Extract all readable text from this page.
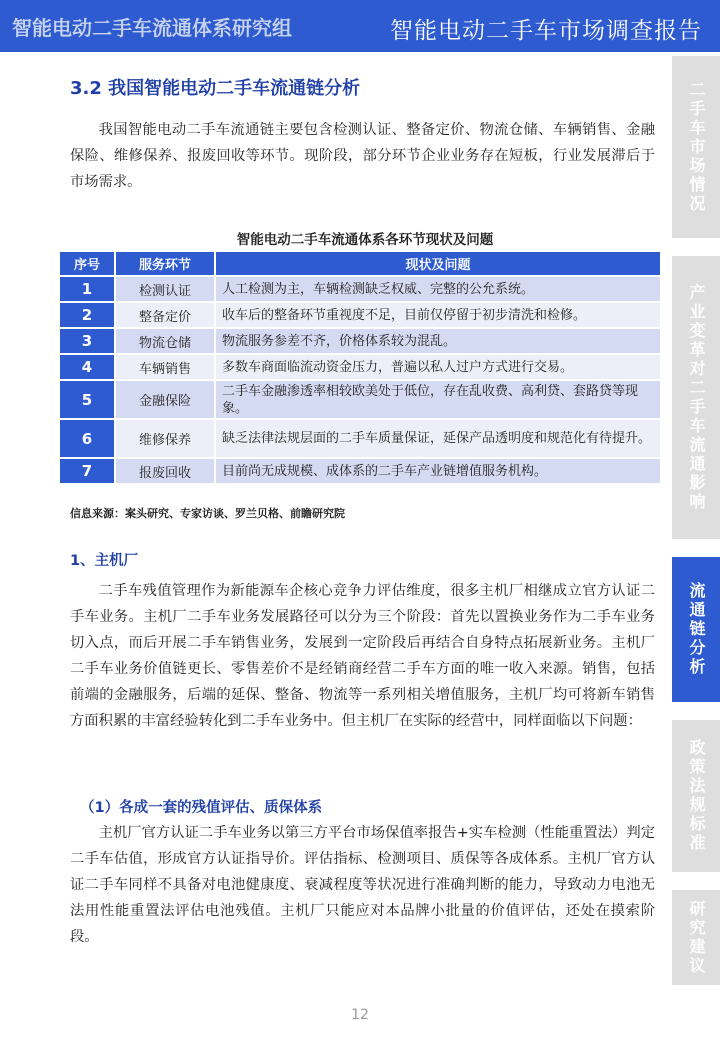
智能电动二手车流通体系研究组	智能电动二手车市场调查报告
3.2 我国智能电动二手车流通链分析
我国智能电动二手车流通链主要包含检测认证、整备定价、物流仓储、车辆销售、金融保险、维修保养、报废回收等环节。现阶段，部分环节企业业务存在短板，行业发展滞后于市场需求。
智能电动二手车流通体系各环节现状及问题
序号	服务环节	现状及问题
1	检测认证	人工检测为主，车辆检测缺乏权威、完整的公允系统。
2	整备定价	收车后的整备环节重视度不足，目前仅停留于初步清洗和检修。
3	物流仓储	物流服务参差不齐，价格体系较为混乱。
4	车辆销售	多数车商面临流动资金压力，普遍以私人过户方式进行交易。
5	金融保险	二手车金融渗透率相较欧美处于低位，存在乱收费、高利贷、套路贷等现象。
6	维修保养	缺乏法律法规层面的二手车质量保证，延保产品透明度和规范化有待提升。
7	报废回收	目前尚无成规模、成体系的二手车产业链增值服务机构。
信息来源：案头研究、专家访谈、罗兰贝格、前瞻研究院
1、主机厂
二手车残值管理作为新能源车企核心竞争力评估维度，很多主机厂相继成立官方认证二手车业务。主机厂二手车业务发展路径可以分为三个阶段：首先以置换业务作为二手车业务切入点，而后开展二手车销售业务，发展到一定阶段后再结合自身特点拓展新业务。主机厂二手车业务价值链更长、零售差价不是经销商经营二手车方面的唯一收入来源。销售，包括前端的金融服务，后端的延保、整备、物流等一系列相关增值服务，主机厂均可将新车销售方面积累的丰富经验转化到二手车业务中。但主机厂在实际的经营中，同样面临以下问题：
（1）各成一套的残值评估、质保体系
主机厂官方认证二手车业务以第三方平台市场保值率报告+实车检测（性能重置法）判定二手车估值，形成官方认证指导价。评估指标、检测项目、质保等各成体系。主机厂官方认证二手车同样不具备对电池健康度、衰减程度等状况进行准确判断的能力，导致动力电池无法用性能重置法评估电池残值。主机厂只能应对本品牌小批量的价值评估，还处在摸索阶段。
二手车市场情况
产业变革对二手车流通影响
流通链分析
政策法规标准
研究建议
12
